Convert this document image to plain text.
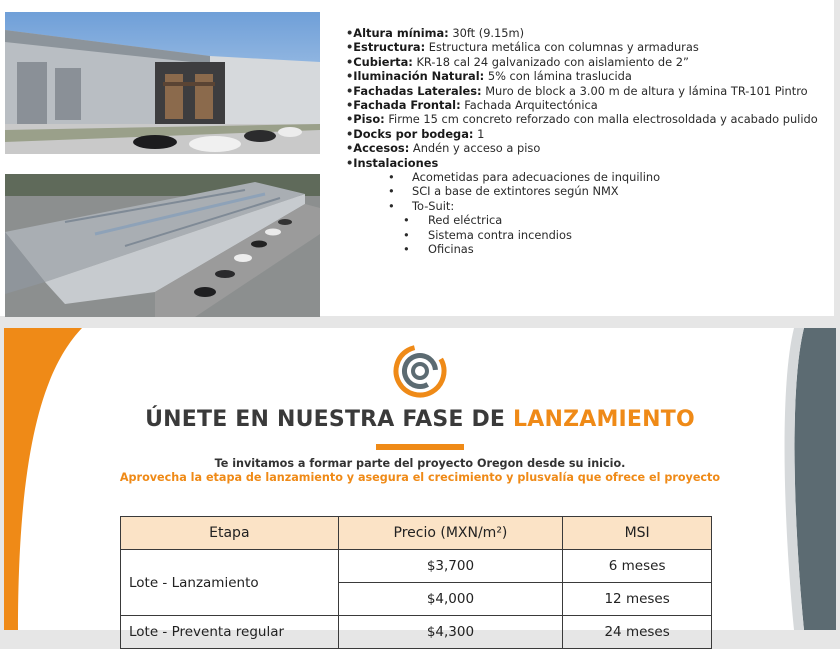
•Altura mínima: 30ft (9.15m)
•Estructura: Estructura metálica con columnas y armaduras
•Cubierta: KR-18 cal 24 galvanizado con aislamiento de 2”
•Iluminación Natural: 5% con lámina traslucida
•Fachadas Laterales: Muro de block a 3.00 m de altura y lámina TR-101 Pintro
•Fachada Frontal: Fachada Arquitectónica
•Piso: Firme 15 cm concreto reforzado con malla electrosoldada y acabado pulido
•Docks por bodega: 1
•Accesos: Andén y acceso a piso
•Instalaciones
• Acometidas para adecuaciones de inquilino
• SCI a base de extintores según NMX
• To-Suit:
• Red eléctrica
• Sistema contra incendios
• Oficinas
ÚNETE EN NUESTRA FASE DE LANZAMIENTO
Te invitamos a formar parte del proyecto Oregon desde su inicio.
Aprovecha la etapa de lanzamiento y asegura el crecimiento y plusvalía que ofrece el proyecto
Etapa	Precio (MXN/m²)	MSI
Lote - Lanzamiento	$3,700	6 meses
	$4,000	12 meses
Lote - Preventa regular	$4,300	24 meses
